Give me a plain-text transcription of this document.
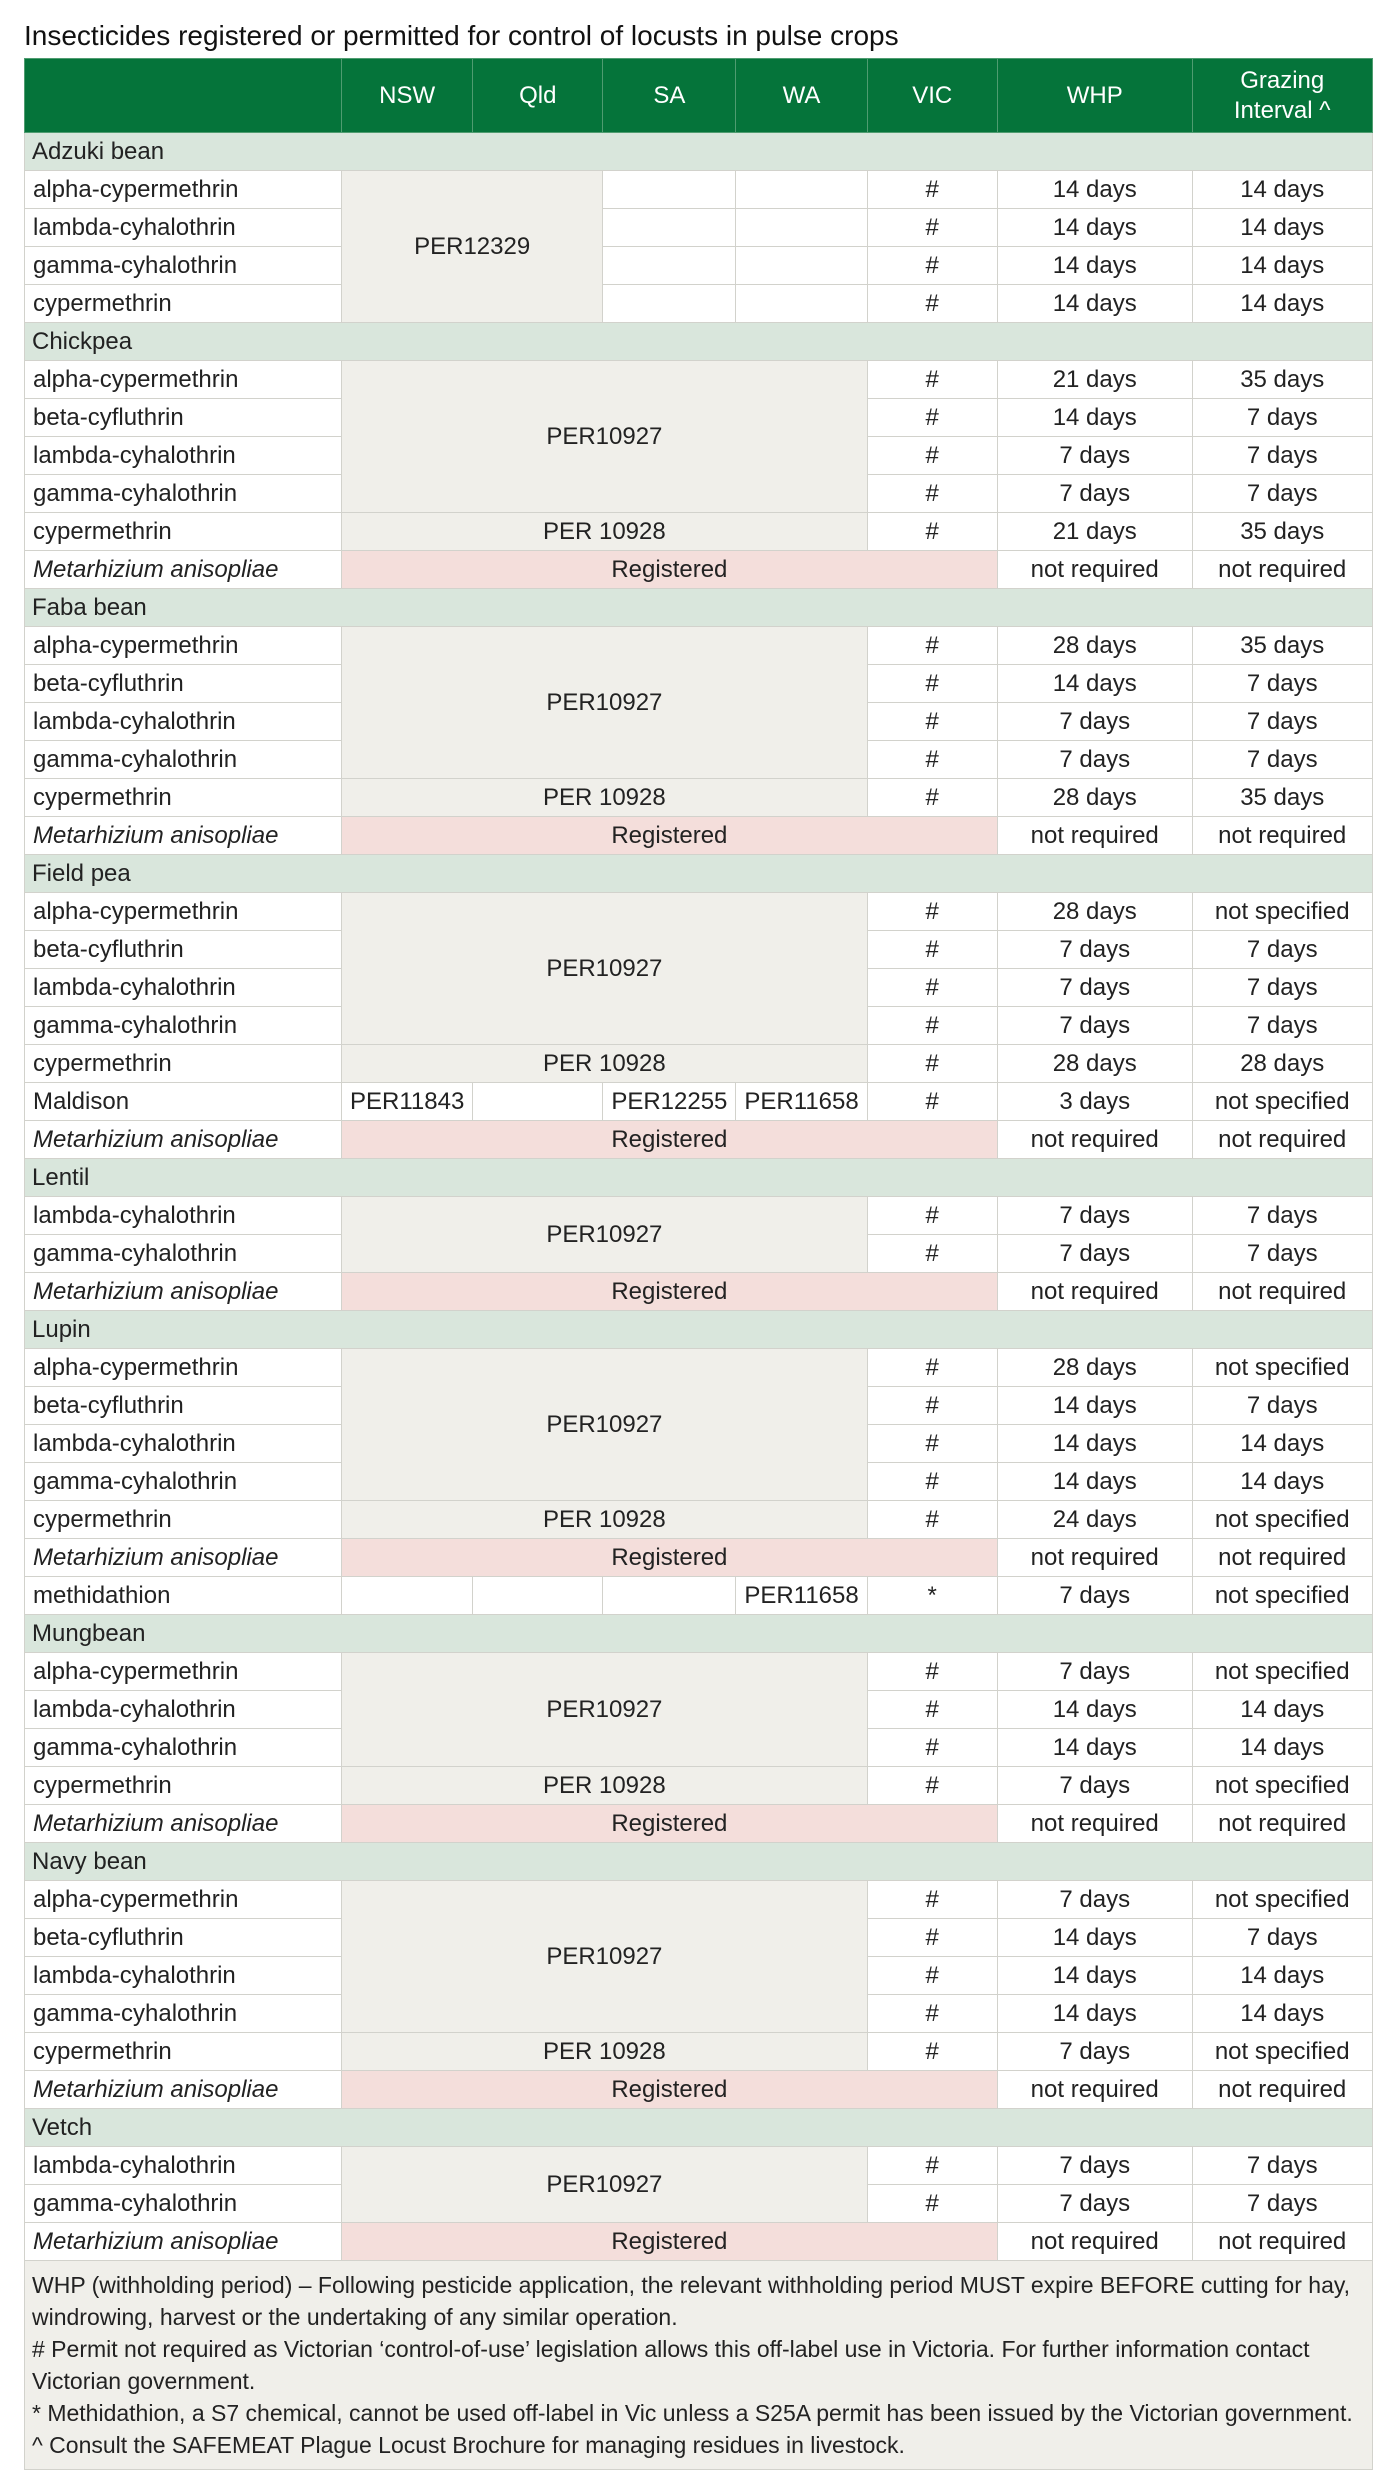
Insecticides registered or permitted for control of locusts in pulse crops
	NSW	Qld	SA	WA	VIC	WHP	Grazing Interval ^
Adzuki bean							
alpha-cypermethrin	PER12329				#	14 days	14 days
lambda-cyhalothrin					#	14 days	14 days
gamma-cyhalothrin					#	14 days	14 days
cypermethrin					#	14 days	14 days
Chickpea							
alpha-cypermethrin	PER10927				#	21 days	35 days
beta-cyfluthrin					#	14 days	7 days
lambda-cyhalothrin					#	7 days	7 days
gamma-cyhalothrin					#	7 days	7 days
cypermethrin	PER 10928				#	21 days	35 days
Metarhizium anisopliae	Registered					not required	not required
Faba bean							
alpha-cypermethrin	PER10927				#	28 days	35 days
beta-cyfluthrin					#	14 days	7 days
lambda-cyhalothrin					#	7 days	7 days
gamma-cyhalothrin					#	7 days	7 days
cypermethrin	PER 10928				#	28 days	35 days
Metarhizium anisopliae	Registered					not required	not required
Field pea							
alpha-cypermethrin	PER10927				#	28 days	not specified
beta-cyfluthrin					#	7 days	7 days
lambda-cyhalothrin					#	7 days	7 days
gamma-cyhalothrin					#	7 days	7 days
cypermethrin	PER 10928				#	28 days	28 days
Maldison	PER11843		PER12255	PER11658	#	3 days	not specified
Metarhizium anisopliae	Registered					not required	not required
Lentil							
lambda-cyhalothrin	PER10927				#	7 days	7 days
gamma-cyhalothrin					#	7 days	7 days
Metarhizium anisopliae	Registered					not required	not required
Lupin							
alpha-cypermethrin	PER10927				#	28 days	not specified
beta-cyfluthrin					#	14 days	7 days
lambda-cyhalothrin					#	14 days	14 days
gamma-cyhalothrin					#	14 days	14 days
cypermethrin	PER 10928				#	24 days	not specified
Metarhizium anisopliae	Registered					not required	not required
methidathion				PER11658	*	7 days	not specified
Mungbean							
alpha-cypermethrin	PER10927				#	7 days	not specified
lambda-cyhalothrin					#	14 days	14 days
gamma-cyhalothrin					#	14 days	14 days
cypermethrin	PER 10928				#	7 days	not specified
Metarhizium anisopliae	Registered					not required	not required
Navy bean							
alpha-cypermethrin	PER10927				#	7 days	not specified
beta-cyfluthrin					#	14 days	7 days
lambda-cyhalothrin					#	14 days	14 days
gamma-cyhalothrin					#	14 days	14 days
cypermethrin	PER 10928				#	7 days	not specified
Metarhizium anisopliae	Registered					not required	not required
Vetch							
lambda-cyhalothrin	PER10927				#	7 days	7 days
gamma-cyhalothrin					#	7 days	7 days
Metarhizium anisopliae	Registered					not required	not required

WHP (withholding period) – Following pesticide application, the relevant withholding period MUST expire BEFORE cutting for hay, windrowing, harvest or the undertaking of any similar operation.
# Permit not required as Victorian ‘control-of-use’ legislation allows this off-label use in Victoria. For further information contact Victorian government.
* Methidathion, a S7 chemical, cannot be used off-label in Vic unless a S25A permit has been issued by the Victorian government.
^ Consult the SAFEMEAT Plague Locust Brochure for managing residues in livestock.							
